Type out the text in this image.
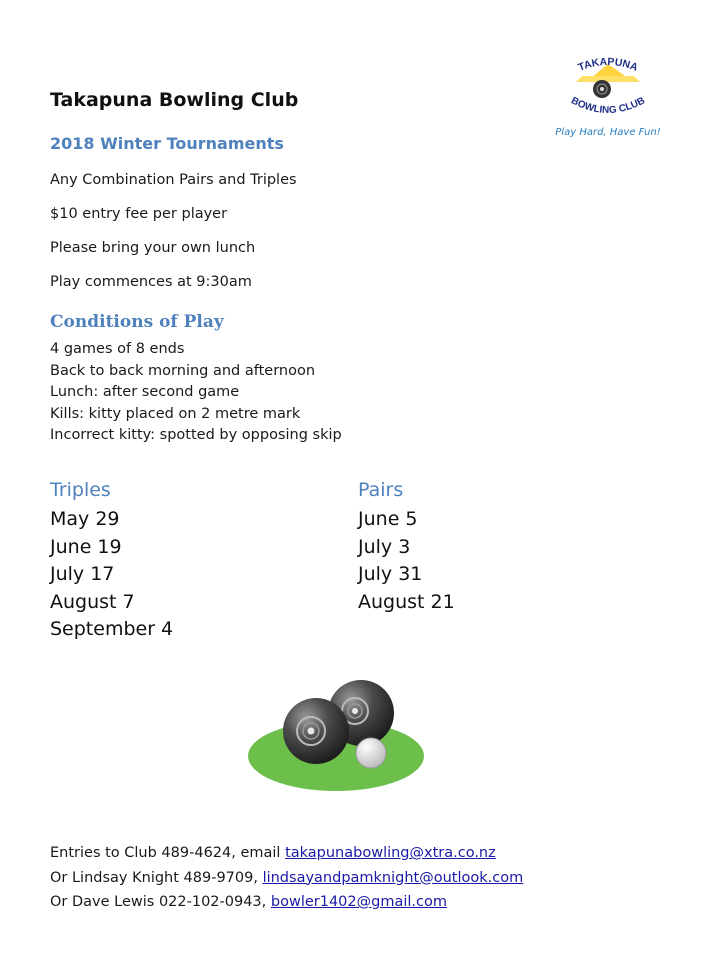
TAKAPUNA
BOWLING CLUB
Play Hard, Have Fun!
Takapuna Bowling Club
2018 Winter Tournaments
Any Combination Pairs and Triples
$10 entry fee per player
Please bring your own lunch
Play commences at 9:30am
Conditions of Play
4 games of 8 ends
Back to back morning and afternoon
Lunch: after second game
Kills: kitty placed on 2 metre mark
Incorrect kitty: spotted by opposing skip
Triples
May 29
June 19
July 17
August 7
September 4
Pairs
June 5
July 3
July 31
August 21
Entries to Club 489-4624, email takapunabowling@xtra.co.nz
Or Lindsay Knight 489-9709, lindsayandpamknight@outlook.com
Or Dave Lewis 022-102-0943, bowler1402@gmail.com
